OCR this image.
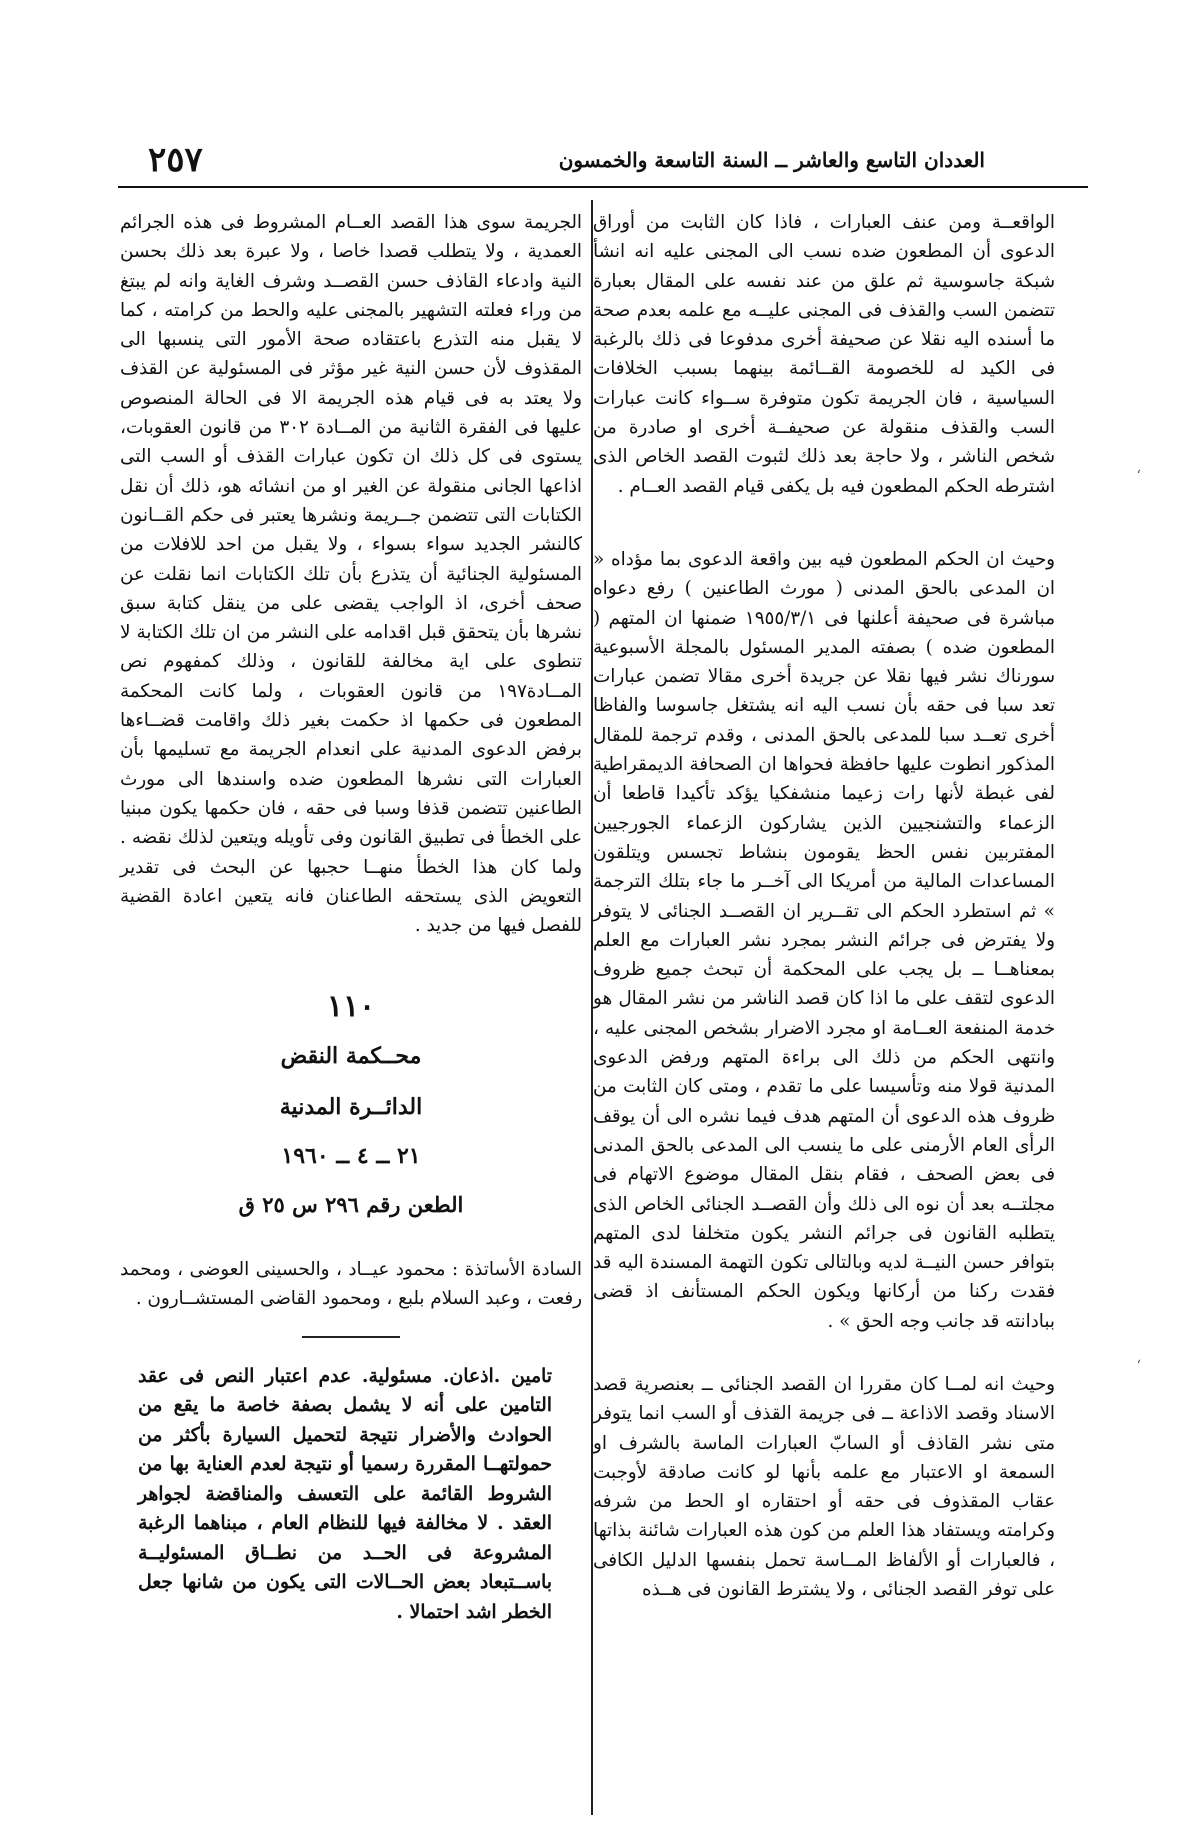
٢٥٧	العددان التاسع والعاشر ــ السنة التاسعة والخمسون

الواقعــة ومن عنف العبارات ، فاذا كان الثابت من أوراق الدعوى أن المطعون ضده نسب الى المجنى عليه انه انشأ شبكة جاسوسية ثم علق من عند نفسه على المقال بعبارة تتضمن السب والقذف فى المجنى عليــه مع علمه بعدم صحة ما أسنده اليه نقلا عن صحيفة أخرى مدفوعا فى ذلك بالرغبة فى الكيد له للخصومة القــائمة بينهما بسبب الخلافات السياسية ، فان الجريمة تكون متوفرة ســواء كانت عبارات السب والقذف منقولة عن صحيفــة أخرى او صادرة من شخص الناشر ، ولا حاجة بعد ذلك لثبوت القصد الخاص الذى اشترطه الحكم المطعون فيه بل يكفى قيام القصد العــام .

وحيث ان الحكم المطعون فيه بين واقعة الدعوى بما مؤداه « ان المدعى بالحق المدنى ( مورث الطاعنين ) رفع دعواه مباشرة فى صحيفة أعلنها فى ١٩٥٥/٣/١ ضمنها ان المتهم ( المطعون ضده ) بصفته المدير المسئول بالمجلة الأسبوعية سورناك نشر فيها نقلا عن جريدة أخرى مقالا تضمن عبارات تعد سبا فى حقه بأن نسب اليه انه يشتغل جاسوسا والفاظا أخرى تعــد سبا للمدعى بالحق المدنى ، وقدم ترجمة للمقال المذكور انطوت عليها حافظة فحواها ان الصحافة الديمقراطية لفى غبطة لأنها رات زعيما منشفكيا يؤكد تأكيدا قاطعا أن الزعماء والتشنجيين الذين يشاركون الزعماء الجورجيين المفتربين نفس الحظ يقومون بنشاط تجسس ويتلقون المساعدات المالية من أمريكا الى آخــر ما جاء بتلك الترجمة » ثم استطرد الحكم الى تقــرير ان القصــد الجنائى لا يتوفر ولا يفترض فى جرائم النشر بمجرد نشر العبارات مع العلم بمعناهــا ــ بل يجب على المحكمة أن تبحث جميع ظروف الدعوى لتقف على ما اذا كان قصد الناشر من نشر المقال هو خدمة المنفعة العــامة او مجرد الاضرار بشخص المجنى عليه ، وانتهى الحكم من ذلك الى براءة المتهم ورفض الدعوى المدنية قولا منه وتأسيسا على ما تقدم ، ومتى كان الثابت من ظروف هذه الدعوى أن المتهم هدف فيما نشره الى أن يوقف الرأى العام الأرمنى على ما ينسب الى المدعى بالحق المدنى فى بعض الصحف ، فقام بنقل المقال موضوع الاتهام فى مجلتــه بعد أن نوه الى ذلك وأن القصــد الجنائى الخاص الذى يتطلبه القانون فى جرائم النشر يكون متخلفا لدى المتهم بتوافر حسن النيــة لديه وبالتالى تكون التهمة المسندة اليه قد فقدت ركنا من أركانها ويكون الحكم المستأنف اذ قضى ببادانته قد جانب وجه الحق » .

وحيث انه لمــا كان مقررا ان القصد الجنائى ــ بعنصرية قصد الاسناد وقصد الاذاعة ــ فى جريمة القذف أو السب انما يتوفر متى نشر القاذف أو السابّ العبارات الماسة بالشرف او السمعة او الاعتبار مع علمه بأنها لو كانت صادقة لأوجبت عقاب المقذوف فى حقه أو احتقاره او الحط من شرفه وكرامته ويستفاد هذا العلم من كون هذه العبارات شائنة بذاتها ، فالعبارات أو الألفاظ المــاسة تحمل بنفسها الدليل الكافى على توفر القصد الجنائى ، ولا يشترط القانون فى هــذه

الجريمة سوى هذا القصد العــام المشروط فى هذه الجرائم العمدية ، ولا يتطلب قصدا خاصا ، ولا عبرة بعد ذلك بحسن النية وادعاء القاذف حسن القصــد وشرف الغاية وانه لم يبتغ من وراء فعلته التشهير بالمجنى عليه والحط من كرامته ، كما لا يقبل منه التذرع باعتقاده صحة الأمور التى ينسبها الى المقذوف لأن حسن النية غير مؤثر فى المسئولية عن القذف ولا يعتد به فى قيام هذه الجريمة الا فى الحالة المنصوص عليها فى الفقرة الثانية من المــادة ٣٠٢ من قانون العقوبات، يستوى فى كل ذلك ان تكون عبارات القذف أو السب التى اذاعها الجانى منقولة عن الغير او من انشائه هو، ذلك أن نقل الكتابات التى تتضمن جــريمة ونشرها يعتبر فى حكم القــانون كالنشر الجديد سواء بسواء ، ولا يقبل من احد للافلات من المسئولية الجنائية أن يتذرع بأن تلك الكتابات انما نقلت عن صحف أخرى، اذ الواجب يقضى على من ينقل كتابة سبق نشرها بأن يتحقق قبل اقدامه على النشر من ان تلك الكتابة لا تنطوى على اية مخالفة للقانون ، وذلك كمفهوم نص المــادة١٩٧ من قانون العقوبات ، ولما كانت المحكمة المطعون فى حكمها اذ حكمت بغير ذلك واقامت قضــاءها برفض الدعوى المدنية على انعدام الجريمة مع تسليمها بأن العبارات التى نشرها المطعون ضده واسندها الى مورث الطاعنين تتضمن قذفا وسبا فى حقه ، فان حكمها يكون مبنيا على الخطأ فى تطبيق القانون وفى تأويله ويتعين لذلك نقضه . ولما كان هذا الخطأ منهــا حجبها عن البحث فى تقدير التعويض الذى يستحقه الطاعنان فانه يتعين اعادة القضية للفصل فيها من جديد .

١١٠

محــكمة النقض

الدائــرة المدنية

٢١ ــ ٤ ــ ١٩٦٠

الطعن رقم ٢٩٦ س ٢٥ ق

السادة الأساتذة : محمود عيــاد ، والحسينى العوضى ، ومحمد رفعت ، وعبد السلام بلبع ، ومحمود القاضى المستشــارون .

تامين .اذعان. مسئولية. عدم اعتبار النص فى عقد التامين على أنه لا يشمل بصفة خاصة ما يقع من الحوادث والأضرار نتيجة لتحميل السيارة بأكثر من حمولتهــا المقررة رسميا أو نتيجة لعدم العناية بها من الشروط القائمة على التعسف والمناقضة لجواهر العقد . لا مخالفة فيها للنظام العام ، مبناهما الرغبة المشروعة فى الحــد من نطــاق المسئوليــة باســتبعاد بعض الحــالات التى يكون من شانها جعل الخطر اشد احتمالا .

‘
‘
